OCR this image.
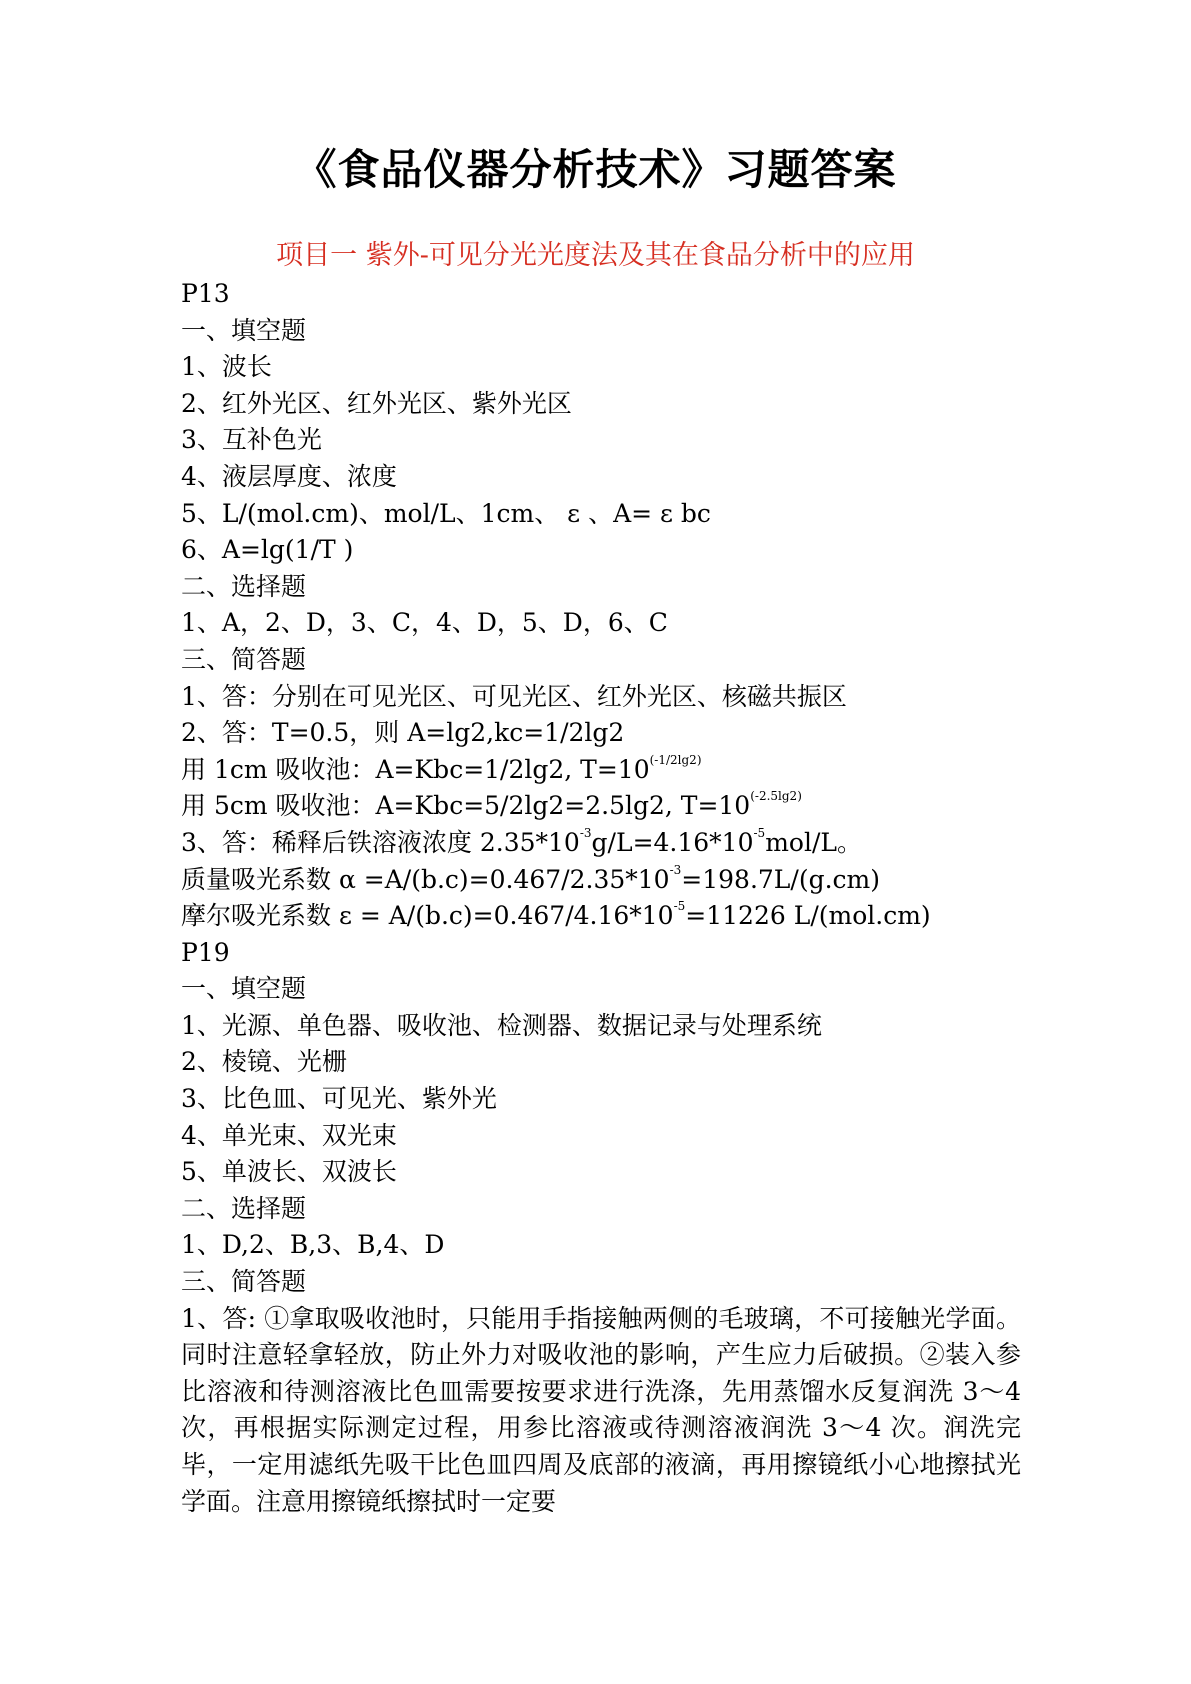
《食品仪器分析技术》习题答案
项目一 紫外-可见分光光度法及其在食品分析中的应用
P13
一、填空题
1、波长
2、红外光区、红外光区、紫外光区
3、互补色光
4、液层厚度、浓度
5、L/(mol.cm)、mol/L、1cm、 ε 、A= ε bc
6、A=lg(1/T )
二、选择题
1、A，2、D，3、C，4、D，5、D，6、C
三、简答题
1、答：分别在可见光区、可见光区、红外光区、核磁共振区
2、答：T=0.5，则 A=lg2,kc=1/2lg2
用 1cm 吸收池：A=Kbc=1/2lg2, $T=10^{(-1/2lg2)}$
用 5cm 吸收池：A=Kbc=5/2lg2=2.5lg2, $T=10^{(-2.5lg2)}$
3、答：稀释后铁溶液浓度 $2.35*10^{-3}g/L=4.16*10^{-5}mol/L$。
质量吸光系数 $\alpha =A/(b.c)=0.467/2.35*10^{-3}=198.7L/(g.cm)$
摩尔吸光系数 $\varepsilon = A/(b.c)=0.467/4.16*10^{-5}=11226$ L/(mol.cm)
P19
一、填空题
1、光源、单色器、吸收池、检测器、数据记录与处理系统
2、棱镜、光栅
3、比色皿、可见光、紫外光
4、单光束、双光束
5、单波长、双波长
二、选择题
1、D,2、B,3、B,4、D
三、简答题
1、答: ①拿取吸收池时，只能用手指接触两侧的毛玻璃，不可接触光学面。同时注意轻拿轻放，防止外力对吸收池的影响，产生应力后破损。②装入参比溶液和待测溶液比色皿需要按要求进行洗涤，先用蒸馏水反复润洗 3～4 次，再根据实际测定过程，用参比溶液或待测溶液润洗 3～4 次。润洗完毕，一定用滤纸先吸干比色皿四周及底部的液滴，再用擦镜纸小心地擦拭光学面。注意用擦镜纸擦拭时一定要
